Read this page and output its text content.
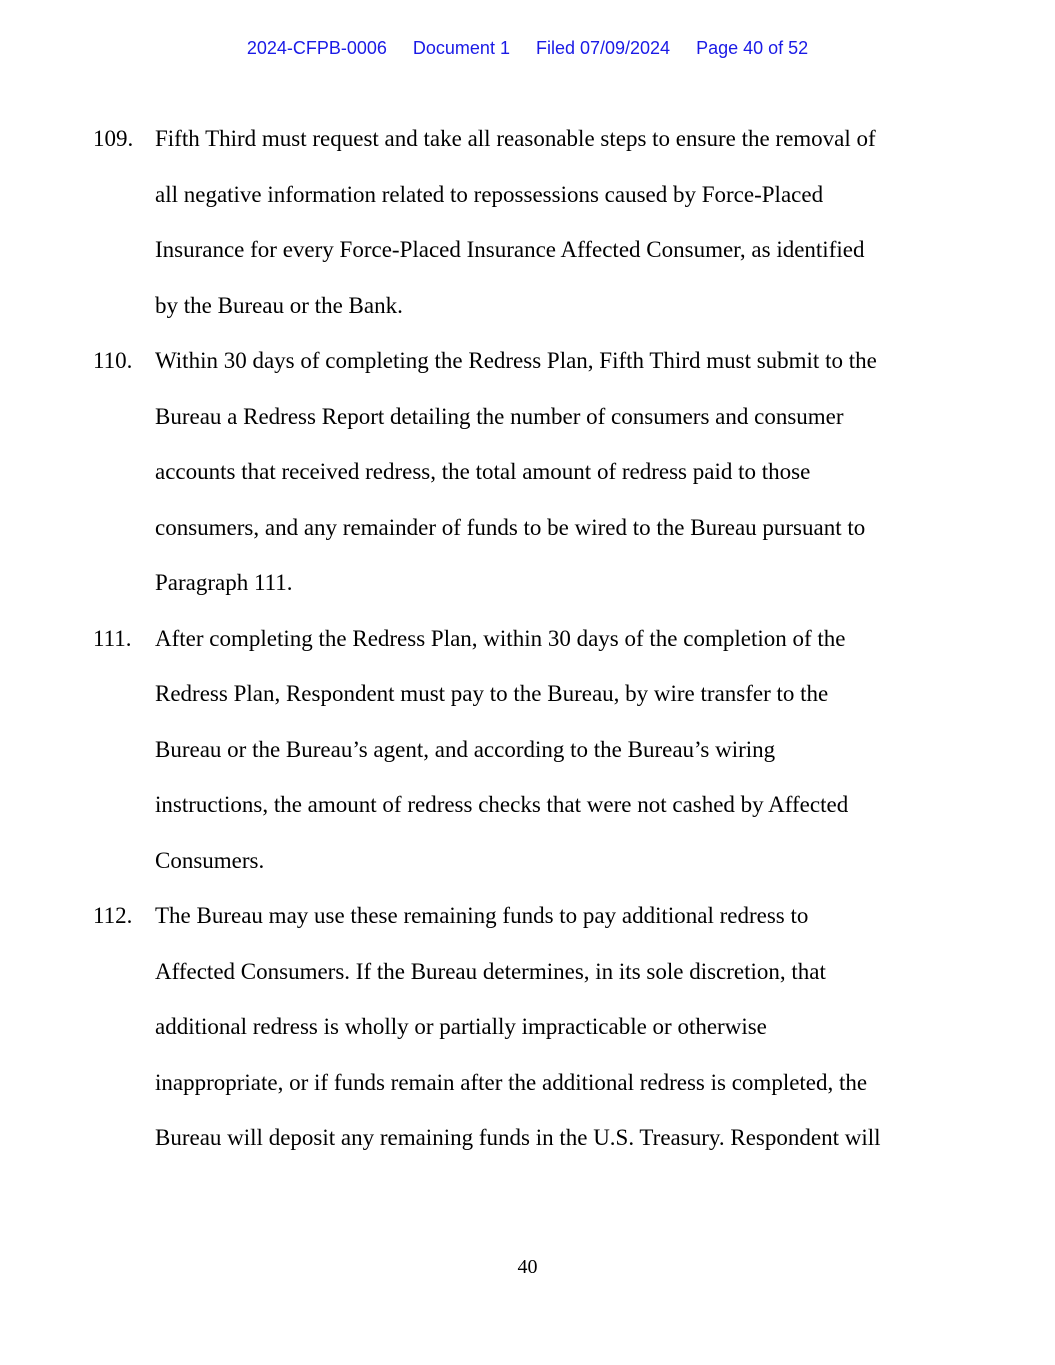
2024-CFPB-0006 Document 1 Filed 07/09/2024 Page 40 of 52
109. Fifth Third must request and take all reasonable steps to ensure the removal of
all negative information related to repossessions caused by Force-Placed
Insurance for every Force-Placed Insurance Affected Consumer, as identified
by the Bureau or the Bank.
110. Within 30 days of completing the Redress Plan, Fifth Third must submit to the
Bureau a Redress Report detailing the number of consumers and consumer
accounts that received redress, the total amount of redress paid to those
consumers, and any remainder of funds to be wired to the Bureau pursuant to
Paragraph 111.
111. After completing the Redress Plan, within 30 days of the completion of the
Redress Plan, Respondent must pay to the Bureau, by wire transfer to the
Bureau or the Bureau’s agent, and according to the Bureau’s wiring
instructions, the amount of redress checks that were not cashed by Affected
Consumers.
112. The Bureau may use these remaining funds to pay additional redress to
Affected Consumers. If the Bureau determines, in its sole discretion, that
additional redress is wholly or partially impracticable or otherwise
inappropriate, or if funds remain after the additional redress is completed, the
Bureau will deposit any remaining funds in the U.S. Treasury. Respondent will
40
